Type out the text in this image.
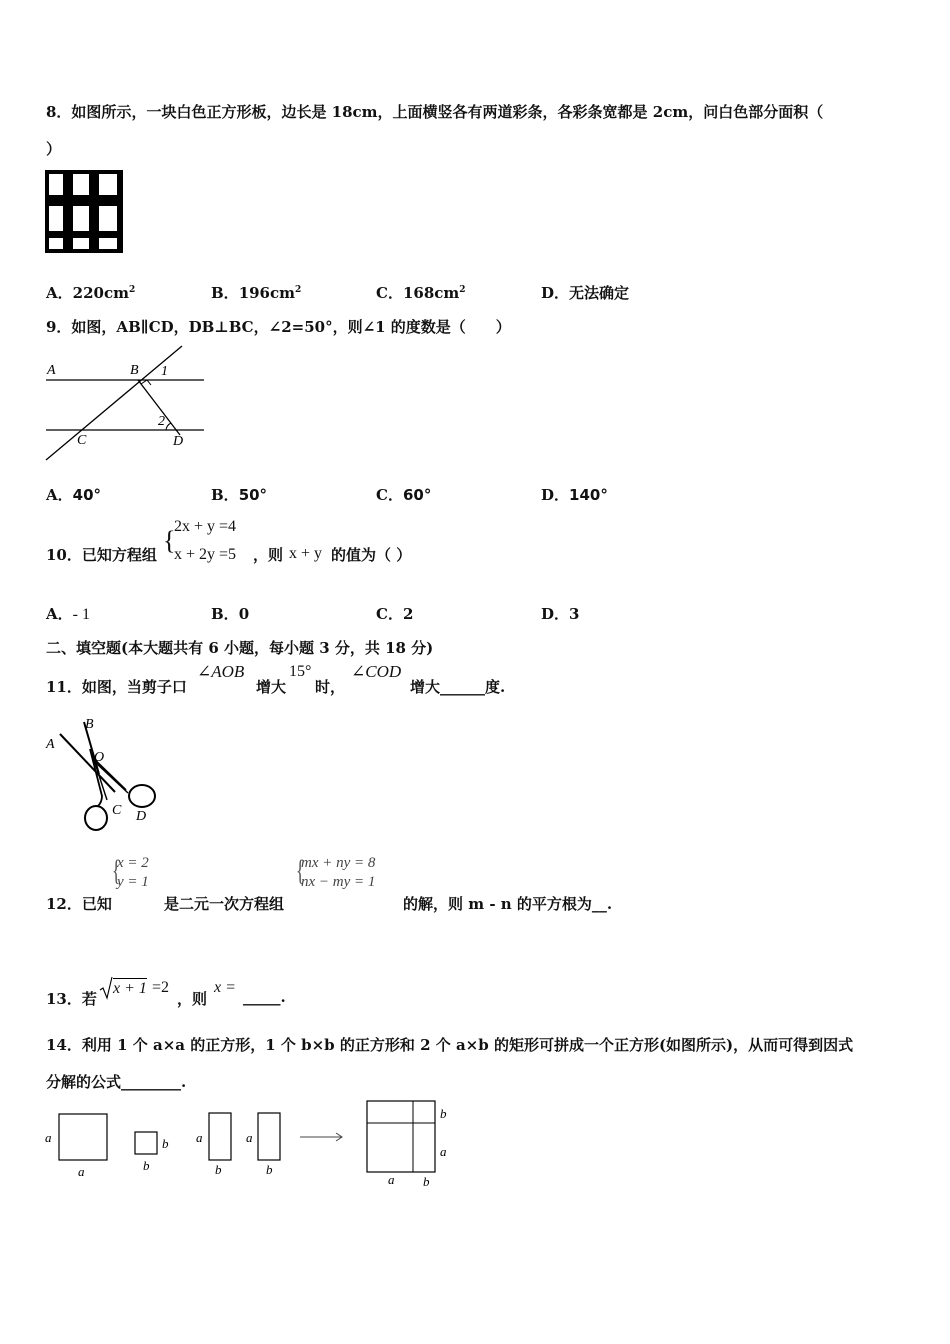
8．如图所示，一块白色正方形板，边长是 18cm，上面横竖各有两道彩条，各彩条宽都是 2cm，问白色部分面积（
）
A．$220cm^2$	B．$196cm^2$	C．$168cm^2$	D．无法确定
9．如图，AB∥CD，DB⊥BC，∠2=50°，则∠1 的度数是（　　）
A	B 1
2
C	D
A．40°	B．50°	C．60°	D．140°
10．已知方程组 {
2x + y =4
x + 2y =5 ，则 x + y 的值为（ ）
A．- 1	B．0	C．2	D．3
二、填空题(本大题共有 6 小题，每小题 3 分，共 18 分)
11．如图，当剪子口
∠AOB
增大
15°
时，
∠COD
增大______度.
A
B
O
C D
12．已知
{
x = 2
y = 1
是二元一次方程组
{
mx + ny = 8
nx − my = 1
的解，则 m - n 的平方根为__.
13．若
x + 1 =2
，则
x =
_____.
14．利用 1 个 a×a 的正方形，1 个 b×b 的正方形和 2 个 a×b 的矩形可拼成一个正方形(如图所示)，从而可得到因式
分解的公式________.
a
a
b
b
a
b
a
b
b
a
a b
